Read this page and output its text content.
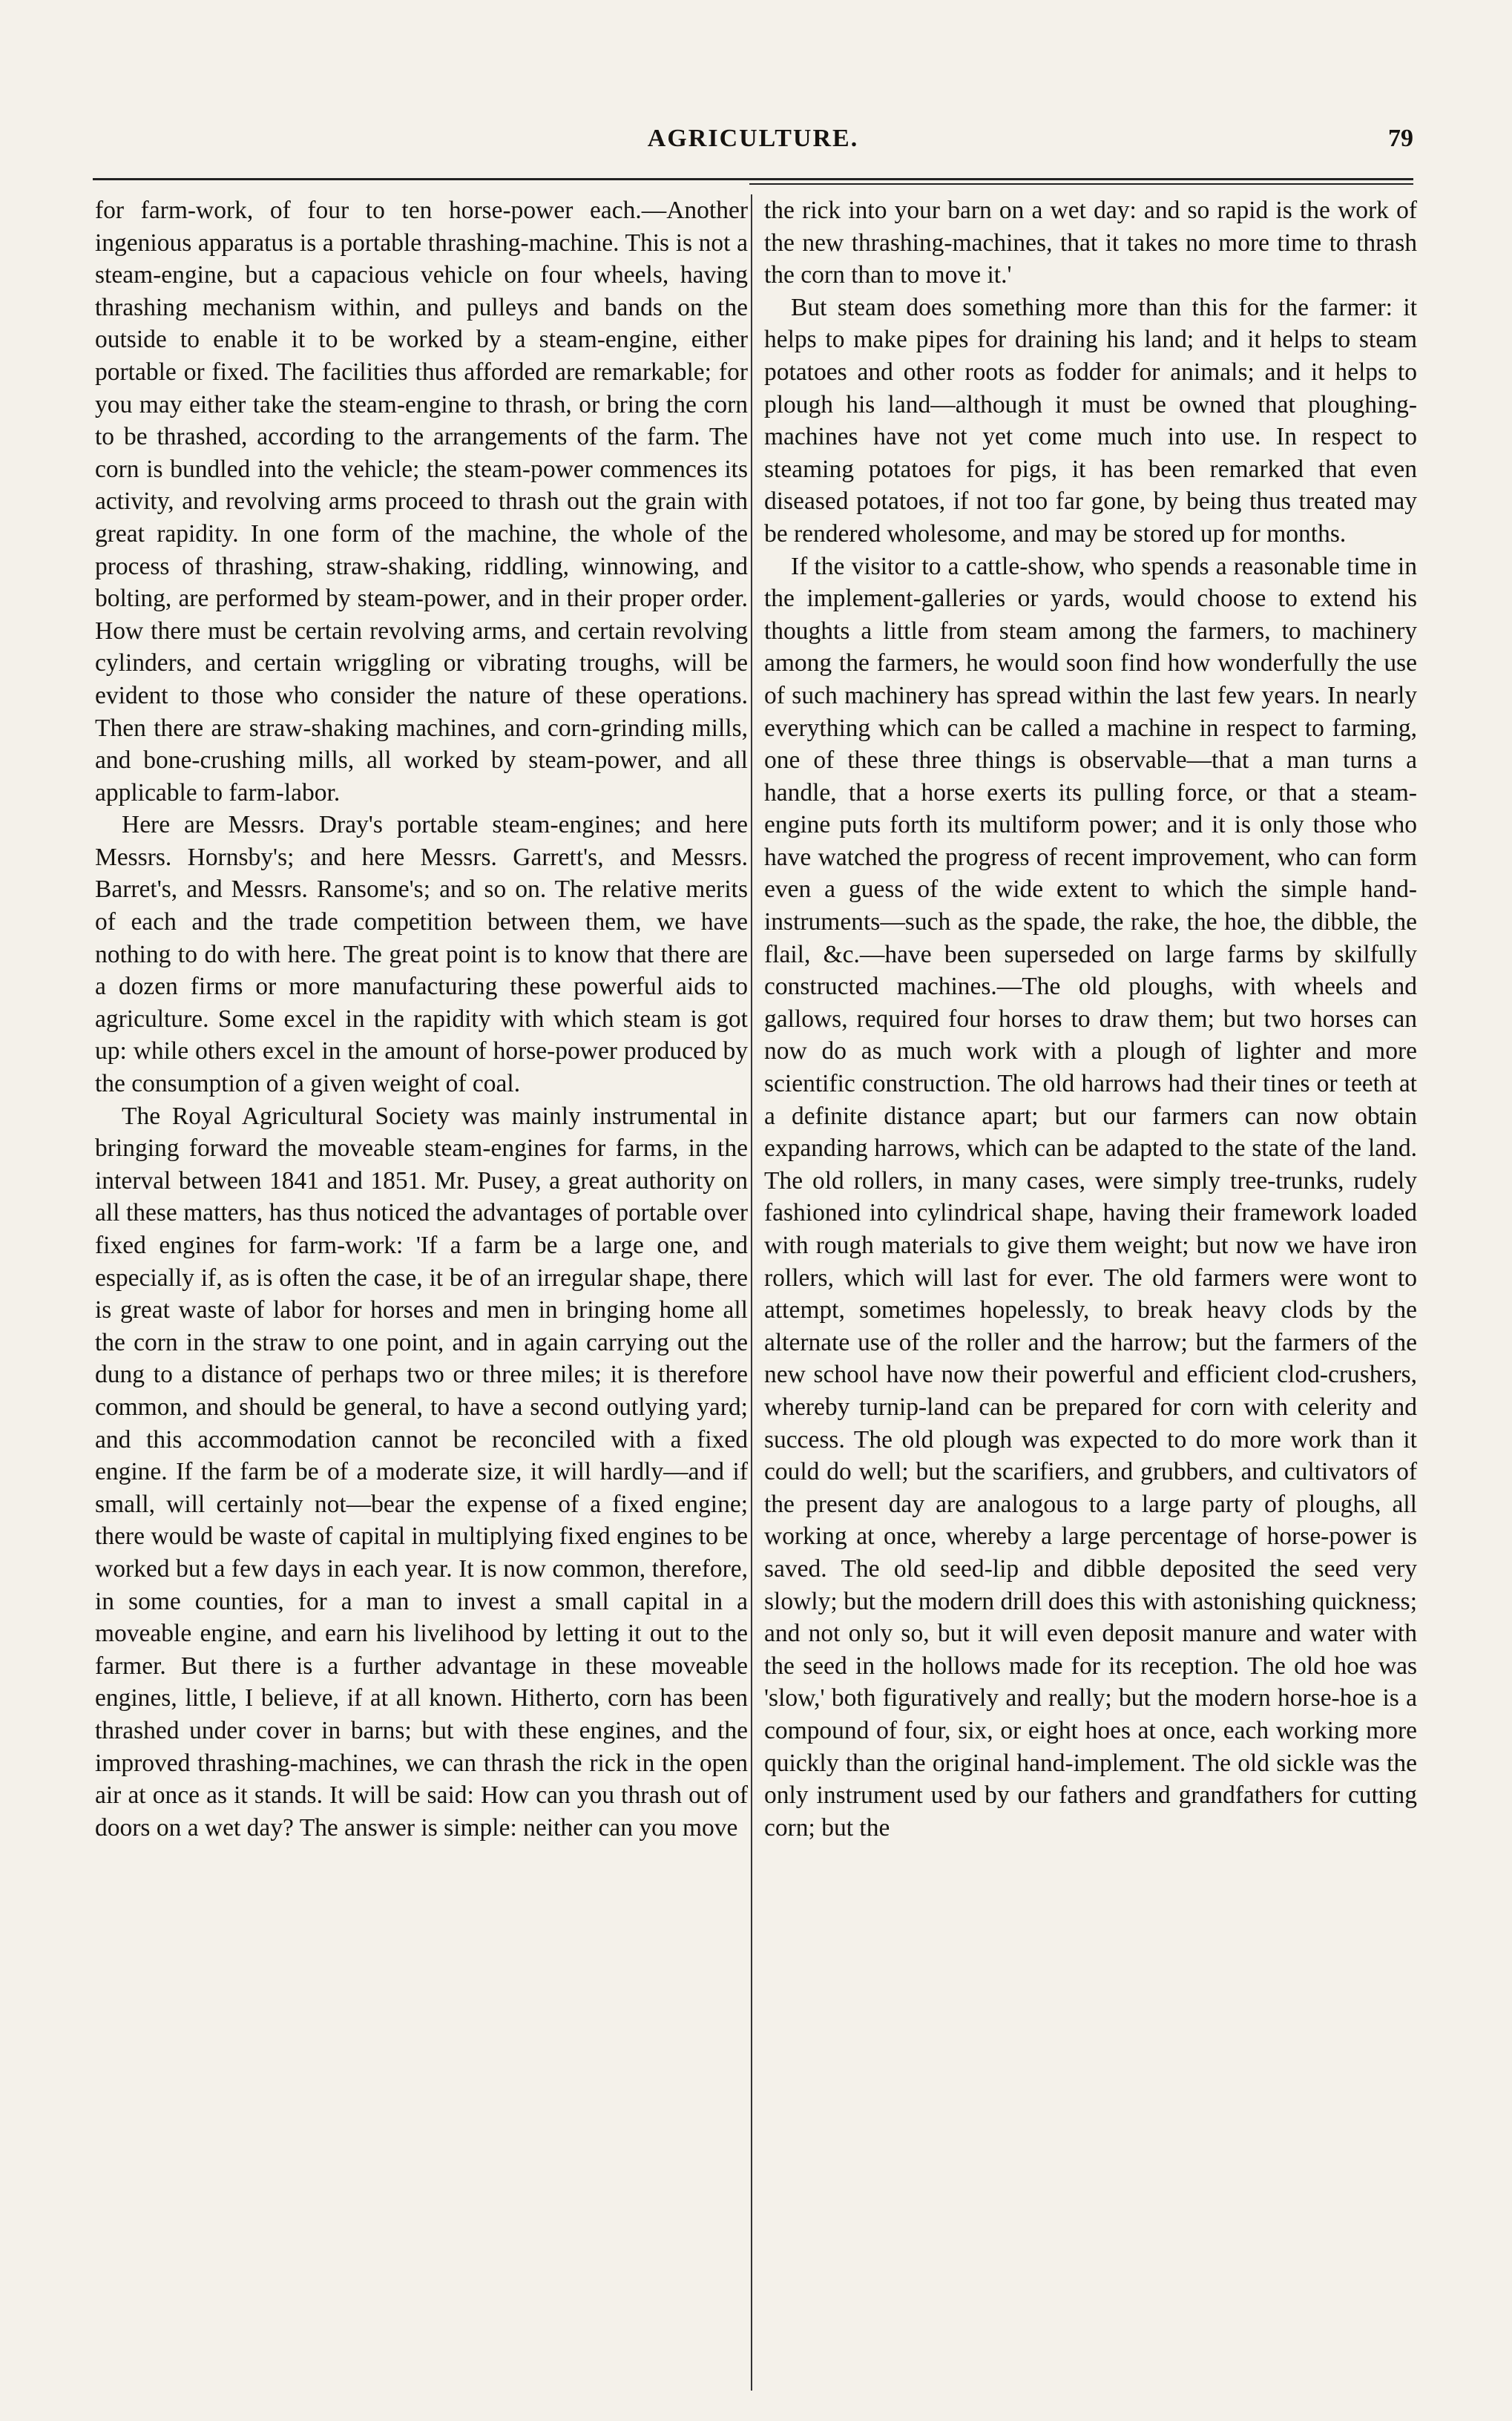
AGRICULTURE.	79

for farm-work, of four to ten horse-power each.—Another ingenious apparatus is a portable thrashing-machine. This is not a steam-engine, but a capacious vehicle on four wheels, having thrashing mechanism within, and pulleys and bands on the outside to enable it to be worked by a steam-engine, either portable or fixed. The facilities thus afforded are remarkable; for you may either take the steam-engine to thrash, or bring the corn to be thrashed, according to the arrangements of the farm. The corn is bundled into the vehicle; the steam-power commences its activity, and revolving arms proceed to thrash out the grain with great rapidity. In one form of the machine, the whole of the process of thrashing, straw-shaking, riddling, winnowing, and bolting, are performed by steam-power, and in their proper order. How there must be certain revolving arms, and certain revolving cylinders, and certain wriggling or vibrating troughs, will be evident to those who consider the nature of these operations. Then there are straw-shaking machines, and corn-grinding mills, and bone-crushing mills, all worked by steam-power, and all applicable to farm-labor.

Here are Messrs. Dray's portable steam-engines; and here Messrs. Hornsby's; and here Messrs. Garrett's, and Messrs. Barret's, and Messrs. Ransome's; and so on. The relative merits of each and the trade competition between them, we have nothing to do with here. The great point is to know that there are a dozen firms or more manufacturing these powerful aids to agriculture. Some excel in the rapidity with which steam is got up: while others excel in the amount of horse-power produced by the consumption of a given weight of coal.

The Royal Agricultural Society was mainly instrumental in bringing forward the moveable steam-engines for farms, in the interval between 1841 and 1851. Mr. Pusey, a great authority on all these matters, has thus noticed the advantages of portable over fixed engines for farm-work: 'If a farm be a large one, and especially if, as is often the case, it be of an irregular shape, there is great waste of labor for horses and men in bringing home all the corn in the straw to one point, and in again carrying out the dung to a distance of perhaps two or three miles; it is therefore common, and should be general, to have a second outlying yard; and this accommodation cannot be reconciled with a fixed engine. If the farm be of a moderate size, it will hardly—and if small, will certainly not—bear the expense of a fixed engine; there would be waste of capital in multiplying fixed engines to be worked but a few days in each year. It is now common, therefore, in some counties, for a man to invest a small capital in a moveable engine, and earn his livelihood by letting it out to the farmer. But there is a further advantage in these moveable engines, little, I believe, if at all known. Hitherto, corn has been thrashed under cover in barns; but with these engines, and the improved thrashing-machines, we can thrash the rick in the open air at once as it stands. It will be said: How can you thrash out of doors on a wet day? The answer is simple: neither can you move

the rick into your barn on a wet day: and so rapid is the work of the new thrashing-machines, that it takes no more time to thrash the corn than to move it.'

But steam does something more than this for the farmer: it helps to make pipes for draining his land; and it helps to steam potatoes and other roots as fodder for animals; and it helps to plough his land—although it must be owned that ploughing-machines have not yet come much into use. In respect to steaming potatoes for pigs, it has been remarked that even diseased potatoes, if not too far gone, by being thus treated may be rendered wholesome, and may be stored up for months.

If the visitor to a cattle-show, who spends a reasonable time in the implement-galleries or yards, would choose to extend his thoughts a little from steam among the farmers, to machinery among the farmers, he would soon find how wonderfully the use of such machinery has spread within the last few years. In nearly everything which can be called a machine in respect to farming, one of these three things is observable—that a man turns a handle, that a horse exerts its pulling force, or that a steam-engine puts forth its multiform power; and it is only those who have watched the progress of recent improvement, who can form even a guess of the wide extent to which the simple hand-instruments—such as the spade, the rake, the hoe, the dibble, the flail, &c.—have been superseded on large farms by skilfully constructed machines.—The old ploughs, with wheels and gallows, required four horses to draw them; but two horses can now do as much work with a plough of lighter and more scientific construction. The old harrows had their tines or teeth at a definite distance apart; but our farmers can now obtain expanding harrows, which can be adapted to the state of the land. The old rollers, in many cases, were simply tree-trunks, rudely fashioned into cylindrical shape, having their framework loaded with rough materials to give them weight; but now we have iron rollers, which will last for ever. The old farmers were wont to attempt, sometimes hopelessly, to break heavy clods by the alternate use of the roller and the harrow; but the farmers of the new school have now their powerful and efficient clod-crushers, whereby turnip-land can be prepared for corn with celerity and success. The old plough was expected to do more work than it could do well; but the scarifiers, and grubbers, and cultivators of the present day are analogous to a large party of ploughs, all working at once, whereby a large percentage of horse-power is saved. The old seed-lip and dibble deposited the seed very slowly; but the modern drill does this with astonishing quickness; and not only so, but it will even deposit manure and water with the seed in the hollows made for its reception. The old hoe was 'slow,' both figuratively and really; but the modern horse-hoe is a compound of four, six, or eight hoes at once, each working more quickly than the original hand-implement. The old sickle was the only instrument used by our fathers and grandfathers for cutting corn; but the
